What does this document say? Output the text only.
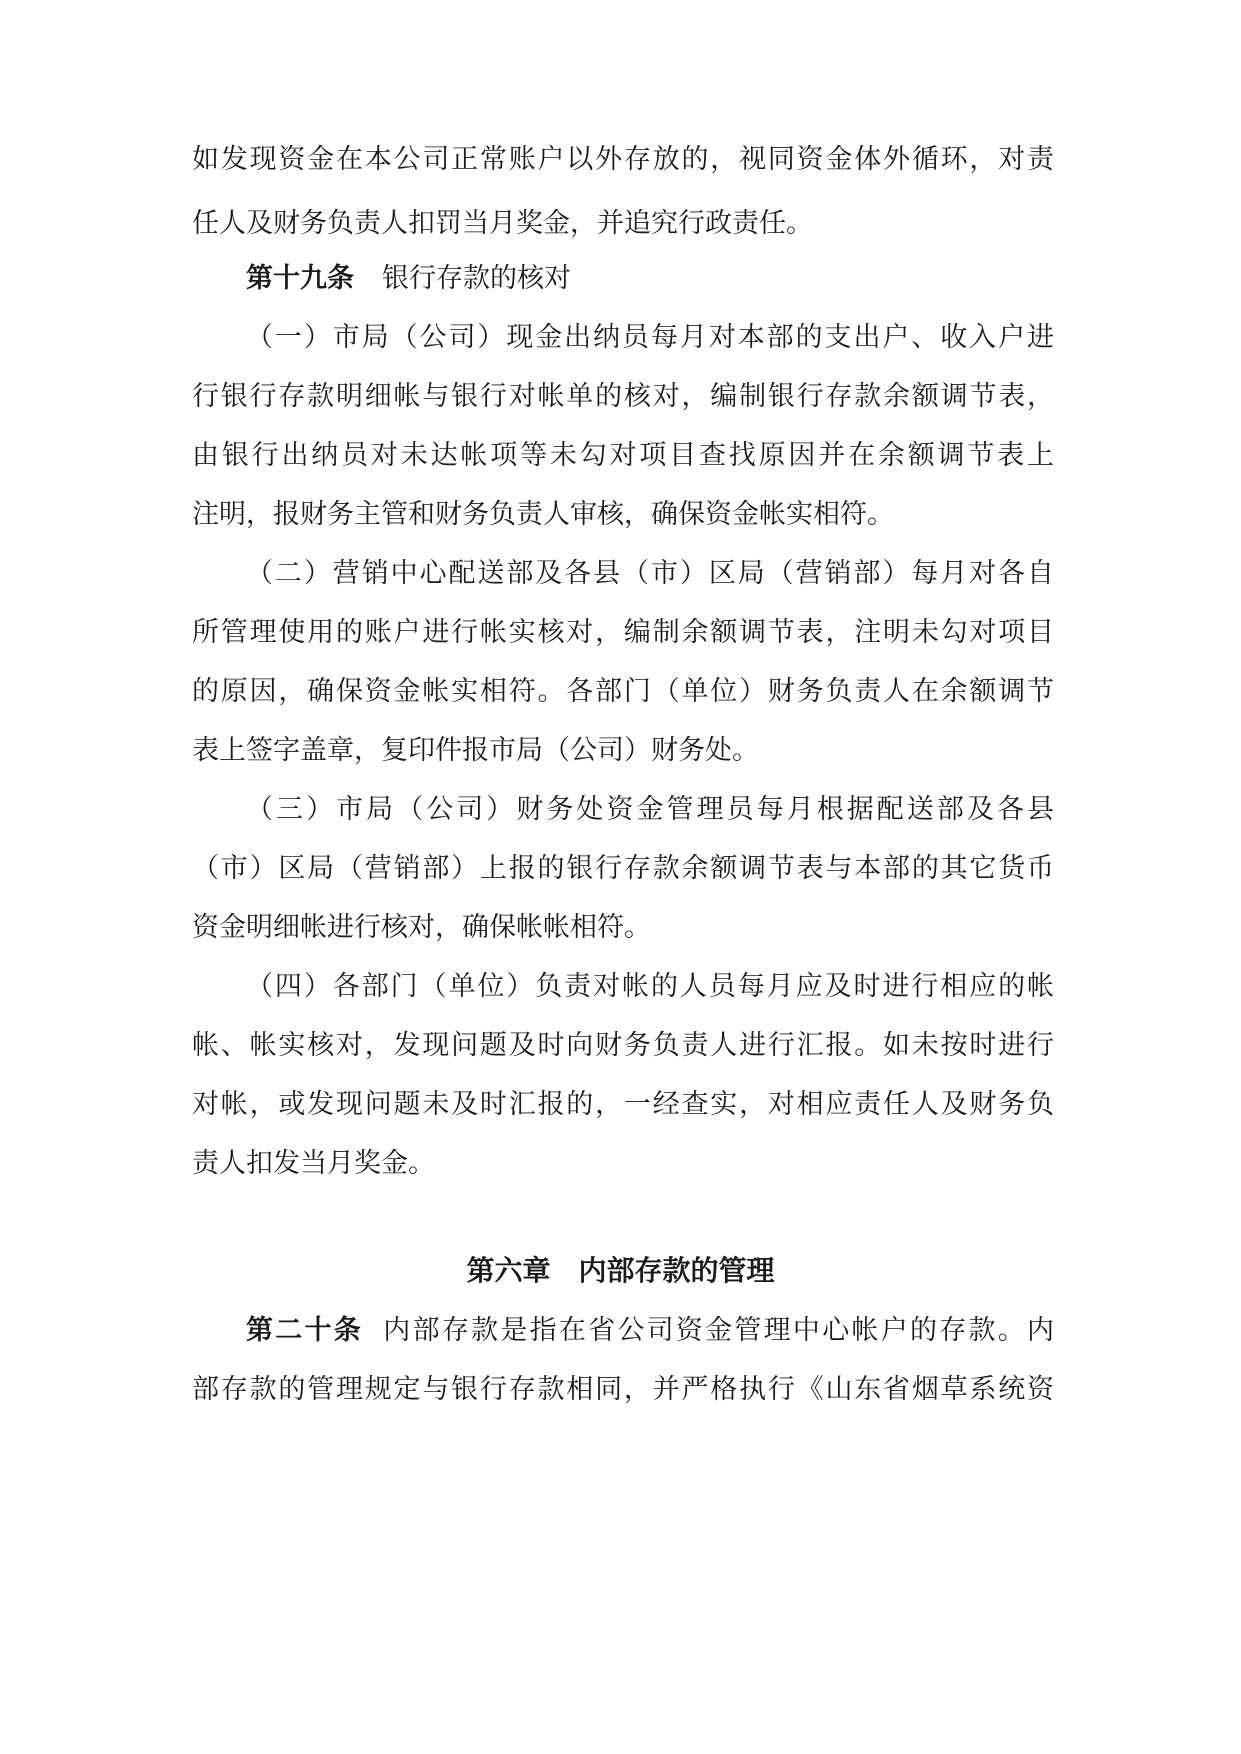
如发现资金在本公司正常账户以外存放的，视同资金体外循环，对责
任人及财务负责人扣罚当月奖金，并追究行政责任。
第十九条 银行存款的核对
（一）市局（公司）现金出纳员每月对本部的支出户、收入户进
行银行存款明细帐与银行对帐单的核对，编制银行存款余额调节表，
由银行出纳员对未达帐项等未勾对项目查找原因并在余额调节表上
注明，报财务主管和财务负责人审核，确保资金帐实相符。
（二）营销中心配送部及各县（市）区局（营销部）每月对各自
所管理使用的账户进行帐实核对，编制余额调节表，注明未勾对项目
的原因，确保资金帐实相符。各部门（单位）财务负责人在余额调节
表上签字盖章，复印件报市局（公司）财务处。
（三）市局（公司）财务处资金管理员每月根据配送部及各县
（市）区局（营销部）上报的银行存款余额调节表与本部的其它货币
资金明细帐进行核对，确保帐帐相符。
（四）各部门（单位）负责对帐的人员每月应及时进行相应的帐
帐、帐实核对，发现问题及时向财务负责人进行汇报。如未按时进行
对帐，或发现问题未及时汇报的，一经查实，对相应责任人及财务负
责人扣发当月奖金。
第六章　内部存款的管理
第二十条 内部存款是指在省公司资金管理中心帐户的存款。内
部存款的管理规定与银行存款相同，并严格执行《山东省烟草系统资
